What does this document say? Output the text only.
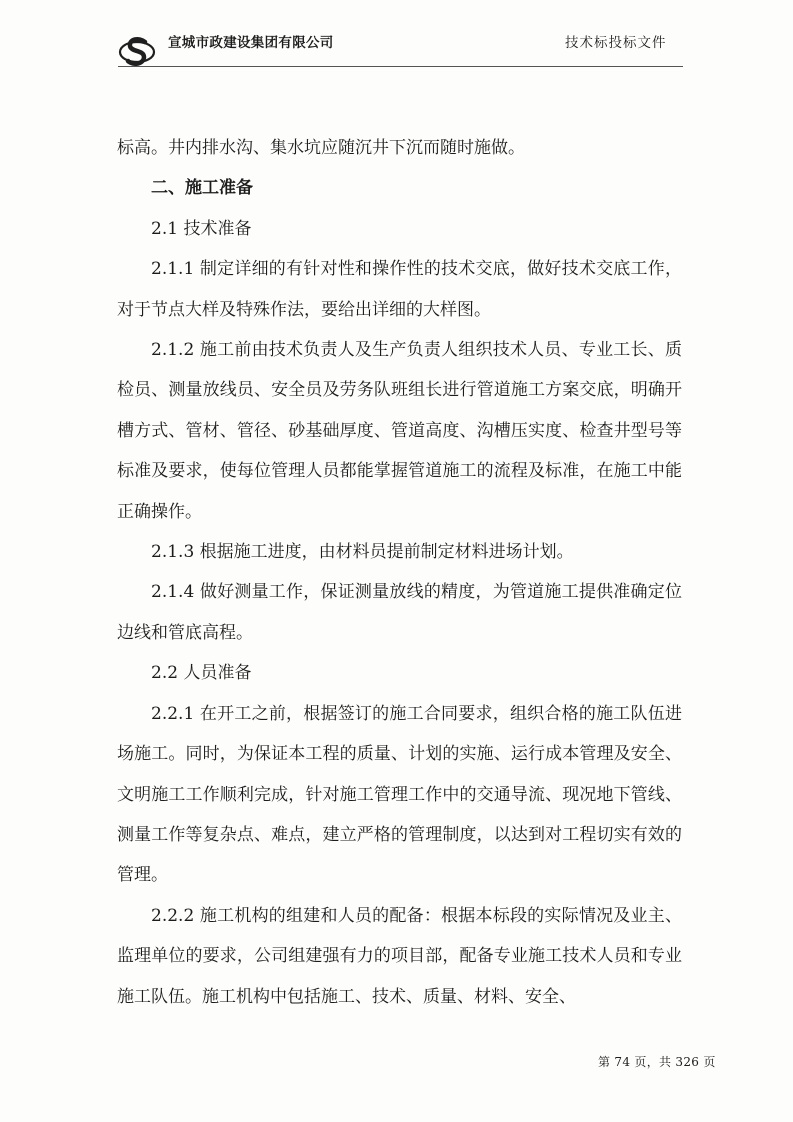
宣城市政建设集团有限公司	技术标投标文件

标高。井内排水沟、集水坑应随沉井下沉而随时施做。

二、施工准备

2.1 技术准备

2.1.1 制定详细的有针对性和操作性的技术交底，做好技术交底工作，对于节点大样及特殊作法，要给出详细的大样图。

2.1.2 施工前由技术负责人及生产负责人组织技术人员、专业工长、质检员、测量放线员、安全员及劳务队班组长进行管道施工方案交底，明确开槽方式、管材、管径、砂基础厚度、管道高度、沟槽压实度、检查井型号等标准及要求，使每位管理人员都能掌握管道施工的流程及标准，在施工中能正确操作。

2.1.3 根据施工进度，由材料员提前制定材料进场计划。

2.1.4 做好测量工作，保证测量放线的精度，为管道施工提供准确定位边线和管底高程。

2.2 人员准备

2.2.1 在开工之前，根据签订的施工合同要求，组织合格的施工队伍进场施工。同时，为保证本工程的质量、计划的实施、运行成本管理及安全、文明施工工作顺利完成，针对施工管理工作中的交通导流、现况地下管线、测量工作等复杂点、难点，建立严格的管理制度，以达到对工程切实有效的管理。

2.2.2 施工机构的组建和人员的配备：根据本标段的实际情况及业主、监理单位的要求，公司组建强有力的项目部，配备专业施工技术人员和专业施工队伍。施工机构中包括施工、技术、质量、材料、安全、

第 74 页，共 326 页
